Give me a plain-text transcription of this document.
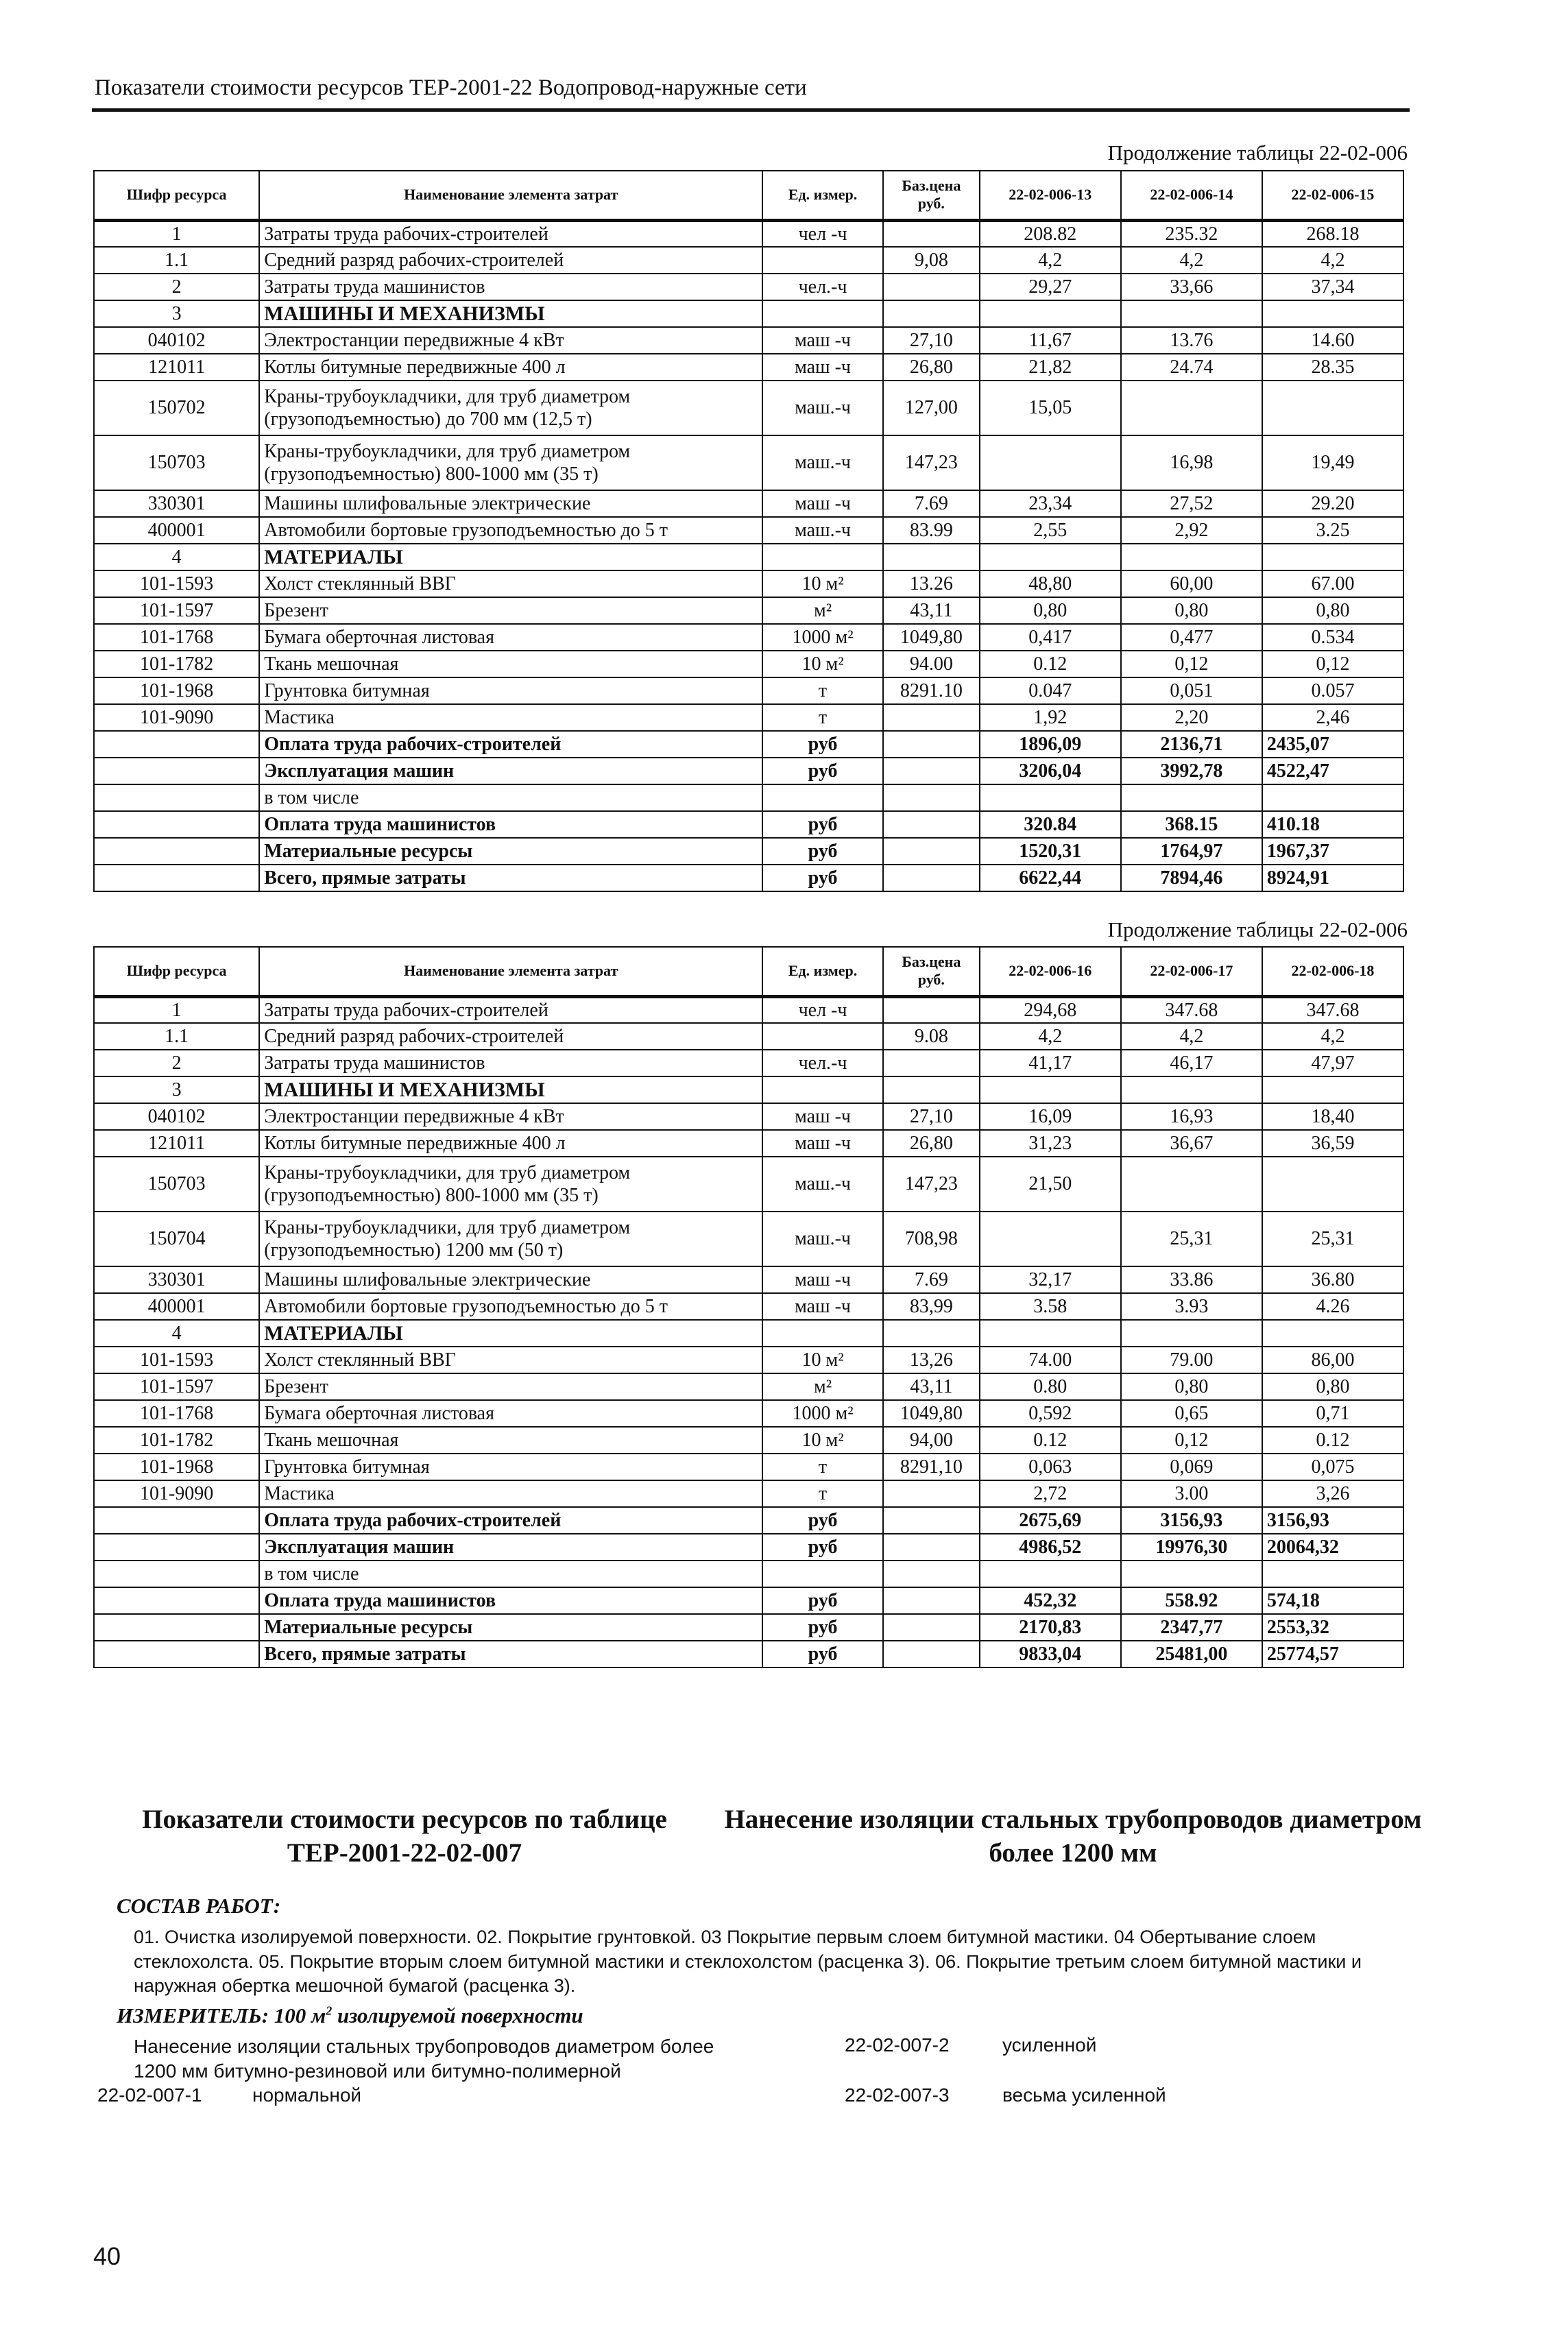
Показатели стоимости ресурсов ТЕР-2001-22 Водопровод-наружные сети
Продолжение таблицы 22-02-006
Шифр ресурса	Наименование элемента затрат	Ед. измер.	Баз.цена руб.	22-02-006-13	22-02-006-14	22-02-006-15
1	Затраты труда рабочих-строителей	чел -ч		208.82	235.32	268.18
1.1	Средний разряд рабочих-строителей		9,08	4,2	4,2	4,2
2	Затраты труда машинистов	чел.-ч		29,27	33,66	37,34
3	МАШИНЫ И МЕХАНИЗМЫ					
040102	Электростанции передвижные 4 кВт	маш -ч	27,10	11,67	13.76	14.60
121011	Котлы битумные передвижные 400 л	маш -ч	26,80	21,82	24.74	28.35
150702	Краны-трубоукладчики, для труб диаметром (грузоподъемностью) до 700 мм (12,5 т)	маш.-ч	127,00	15,05		
150703	Краны-трубоукладчики, для труб диаметром (грузоподъемностью) 800-1000 мм (35 т)	маш.-ч	147,23		16,98	19,49
330301	Машины шлифовальные электрические	маш -ч	7.69	23,34	27,52	29.20
400001	Автомобили бортовые грузоподъемностью до 5 т	маш.-ч	83.99	2,55	2,92	3.25
4	МАТЕРИАЛЫ					
101-1593	Холст стеклянный ВВГ	10 м²	13.26	48,80	60,00	67.00
101-1597	Брезент	м²	43,11	0,80	0,80	0,80
101-1768	Бумага оберточная листовая	1000 м²	1049,80	0,417	0,477	0.534
101-1782	Ткань мешочная	10 м²	94.00	0.12	0,12	0,12
101-1968	Грунтовка битумная	т	8291.10	0.047	0,051	0.057
101-9090	Мастика	т		1,92	2,20	2,46
	Оплата труда рабочих-строителей	руб		1896,09	2136,71	2435,07
	Эксплуатация машин	руб		3206,04	3992,78	4522,47
	в том числе					
	Оплата труда машинистов	руб		320.84	368.15	410.18
	Материальные ресурсы	руб		1520,31	1764,97	1967,37
	Всего, прямые затраты	руб		6622,44	7894,46	8924,91
Продолжение таблицы 22-02-006
Шифр ресурса	Наименование элемента затрат	Ед. измер.	Баз.цена руб.	22-02-006-16	22-02-006-17	22-02-006-18
1	Затраты труда рабочих-строителей	чел -ч		294,68	347.68	347.68
1.1	Средний разряд рабочих-строителей		9.08	4,2	4,2	4,2
2	Затраты труда машинистов	чел.-ч		41,17	46,17	47,97
3	МАШИНЫ И МЕХАНИЗМЫ					
040102	Электростанции передвижные 4 кВт	маш -ч	27,10	16,09	16,93	18,40
121011	Котлы битумные передвижные 400 л	маш -ч	26,80	31,23	36,67	36,59
150703	Краны-трубоукладчики, для труб диаметром (грузоподъемностью) 800-1000 мм (35 т)	маш.-ч	147,23	21,50		
150704	Краны-трубоукладчики, для труб диаметром (грузоподъемностью) 1200 мм (50 т)	маш.-ч	708,98		25,31	25,31
330301	Машины шлифовальные электрические	маш -ч	7.69	32,17	33.86	36.80
400001	Автомобили бортовые грузоподъемностью до 5 т	маш -ч	83,99	3.58	3.93	4.26
4	МАТЕРИАЛЫ					
101-1593	Холст стеклянный ВВГ	10 м²	13,26	74.00	79.00	86,00
101-1597	Брезент	м²	43,11	0.80	0,80	0,80
101-1768	Бумага оберточная листовая	1000 м²	1049,80	0,592	0,65	0,71
101-1782	Ткань мешочная	10 м²	94,00	0.12	0,12	0.12
101-1968	Грунтовка битумная	т	8291,10	0,063	0,069	0,075
101-9090	Мастика	т		2,72	3.00	3,26
	Оплата труда рабочих-строителей	руб		2675,69	3156,93	3156,93
	Эксплуатация машин	руб		4986,52	19976,30	20064,32
	в том числе					
	Оплата труда машинистов	руб		452,32	558.92	574,18
	Материальные ресурсы	руб		2170,83	2347,77	2553,32
	Всего, прямые затраты	руб		9833,04	25481,00	25774,57
Показатели стоимости ресурсов по таблице ТЕР-2001-22-02-007
Нанесение изоляции стальных трубопроводов диаметром более 1200 мм
СОСТАВ РАБОТ:
01. Очистка изолируемой поверхности. 02. Покрытие грунтовкой. 03 Покрытие первым слоем битумной мастики. 04 Обертывание слоем стеклохолста. 05. Покрытие вторым слоем битумной мастики и стеклохолстом (расценка 3). 06. Покрытие третьим слоем битумной мастики и наружная обертка мешочной бумагой (расценка 3).
ИЗМЕРИТЕЛЬ: 100 $м^2$ изолируемой поверхности
Нанесение изоляции стальных трубопроводов диаметром более 1200 мм битумно-резиновой или битумно-полимерной
22-02-007-1	нормальной
22-02-007-2	усиленной
22-02-007-3	весьма усиленной
40
